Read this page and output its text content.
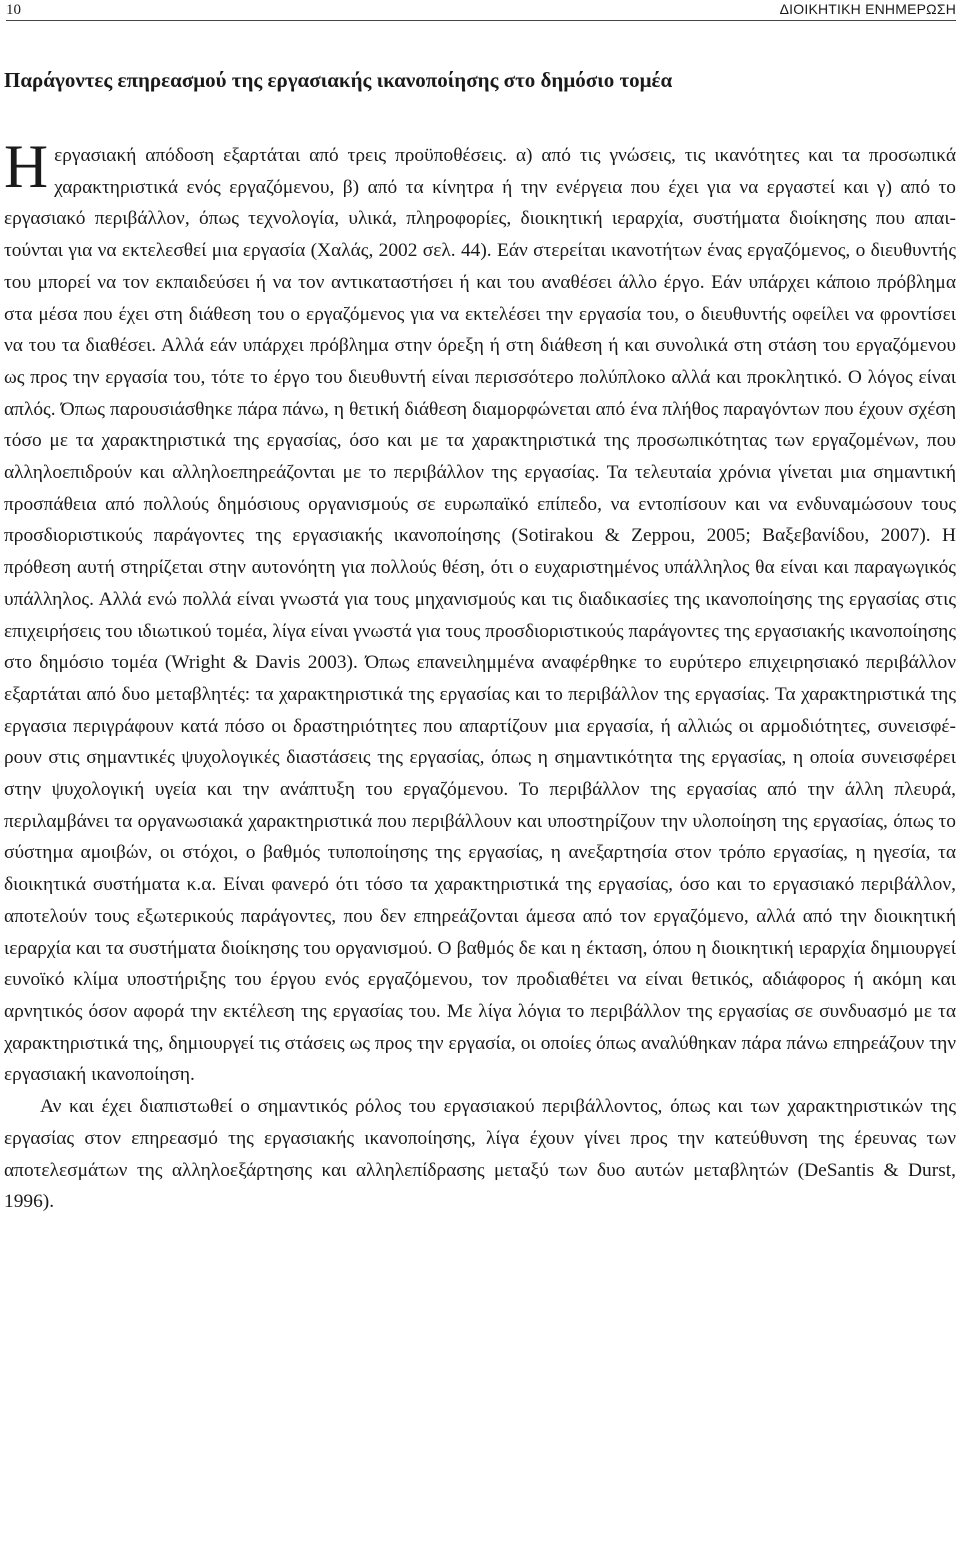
10	ΔΙΟΙΚΗΤΙΚΗ ΕΝΗΜΕΡΩΣΗ
Παράγοντες επηρεασμού της εργασιακής ικανοποίησης στο δημόσιο τομέα

Η εργασιακή απόδοση εξαρτάται από τρεις προϋποθέσεις. α) από τις γνώσεις, τις ικανότητες και τα προσωπικά χαρακτηριστικά ενός εργαζόμενου, β) από τα κίνητρα ή την ενέργεια που έχει για να εργαστεί και γ) από το εργασιακό περιβάλλον, όπως τεχνολογία, υλικά, πληροφορίες, διοικητική ιεραρχία, συστήματα διοίκησης που απαιτούνται για να εκτελεσθεί μια εργασία (Χαλάς, 2002 σελ. 44). Εάν στερείται ικανοτήτων ένας εργαζόμενος, ο διευθυντής του μπορεί να τον εκπαιδεύσει ή να τον αντικαταστήσει ή και του αναθέσει άλλο έργο. Εάν υπάρχει κάποιο πρόβλημα στα μέσα που έχει στη διάθεση του ο εργαζόμενος για να εκτελέσει την εργασία του, ο διευθυντής οφείλει να φροντίσει να του τα διαθέσει. Αλλά εάν υπάρχει πρόβλημα στην όρεξη ή στη διάθεση ή και συνολικά στη στάση του εργαζόμενου ως προς την εργασία του, τότε το έργο του διευθυντή είναι περισσότερο πολύπλοκο αλλά και προκλητικό. Ο λόγος είναι απλός. Όπως παρουσιάσθηκε πάρα πάνω, η θετική διάθεση διαμορφώνεται από ένα πλήθος παραγόντων που έχουν σχέση τόσο με τα χαρακτηριστικά της εργασίας, όσο και με τα χαρακτηριστικά της προσωπικότητας των εργαζομένων, που αλληλοεπιδρούν και αλληλοεπηρεάζονται με το περιβάλλον της εργασίας. Τα τελευταία χρόνια γίνεται μια σημαντική προσπάθεια από πολλούς δημόσιους οργανισμούς σε ευρωπαϊκό επίπεδο, να εντοπίσουν και να ενδυναμώσουν τους προσδιοριστικούς παράγοντες της εργασιακής ικανοποίησης (Sotirakou & Zeppou, 2005; Βαξεβανίδου, 2007). Η πρόθεση αυτή στηρίζεται στην αυτονόητη για πολλούς θέση, ότι ο ευχαριστημένος υπάλληλος θα είναι και παραγωγικός υπάλληλος. Αλλά ενώ πολλά είναι γνωστά για τους μηχανισμούς και τις διαδικασίες της ικανοποίησης της εργασίας στις επιχειρήσεις του ιδιωτικού τομέα, λίγα είναι γνωστά για τους προσδιοριστικούς παράγοντες της εργασιακής ικανοποίησης στο δημόσιο τομέα (Wright & Davis 2003). Όπως επανειλημμένα αναφέρθηκε το ευρύτερο επιχειρησιακό περιβάλλον εξαρτάται από δυο μεταβλητές: τα χαρακτηριστικά της εργασίας και το περιβάλλον της εργασίας. Τα χαρακτηριστικά της εργασια περιγράφουν κατά πόσο οι δραστηριότητες που απαρτίζουν μια εργασία, ή αλλιώς οι αρμοδιότητες, συνεισφέρουν στις σημαντικές ψυχολογικές διαστάσεις της εργασίας, όπως η σημαντικότητα της εργασίας, η οποία συνεισφέρει στην ψυχολογική υγεία και την ανάπτυξη του εργαζόμενου. Το περιβάλλον της εργασίας από την άλλη πλευρά, περιλαμβάνει τα οργανωσιακά χαρακτηριστικά που περιβάλλουν και υποστηρίζουν την υλοποίηση της εργασίας, όπως το σύστημα αμοιβών, οι στόχοι, ο βαθμός τυποποίησης της εργασίας, η ανεξαρτησία στον τρόπο εργασίας, η ηγεσία, τα διοικητικά συστήματα κ.α. Είναι φανερό ότι τόσο τα χαρακτηριστικά της εργασίας, όσο και το εργασιακό περιβάλλον, αποτελούν τους εξωτερικούς παράγοντες, που δεν επηρεάζονται άμεσα από τον εργαζόμενο, αλλά από την διοικητική ιεραρχία και τα συστήματα διοίκησης του οργανισμού. Ο βαθμός δε και η έκταση, όπου η διοικητική ιεραρχία δημιουργεί ευνοϊκό κλίμα υποστήριξης του έργου ενός εργαζόμενου, τον προδιαθέτει να είναι θετικός, αδιάφορος ή ακόμη και αρνητικός όσον αφορά την εκτέλεση της εργασίας του. Με λίγα λόγια το περιβάλλον της εργασίας σε συνδυασμό με τα χαρακτηριστικά της, δημιουργεί τις στάσεις ως προς την εργασία, οι οποίες όπως αναλύθηκαν πάρα πάνω επηρεάζουν την εργασιακή ικανοποίηση.

Αν και έχει διαπιστωθεί ο σημαντικός ρόλος του εργασιακού περιβάλλοντος, όπως και των χαρακτηριστικών της εργασίας στον επηρεασμό της εργασιακής ικανοποίησης, λίγα έχουν γίνει προς την κατεύθυνση της έρευνας των αποτελεσμάτων της αλληλοεξάρτησης και αλληλεπίδρασης μεταξύ των δυο αυτών μεταβλητών (DeSantis & Durst, 1996).
